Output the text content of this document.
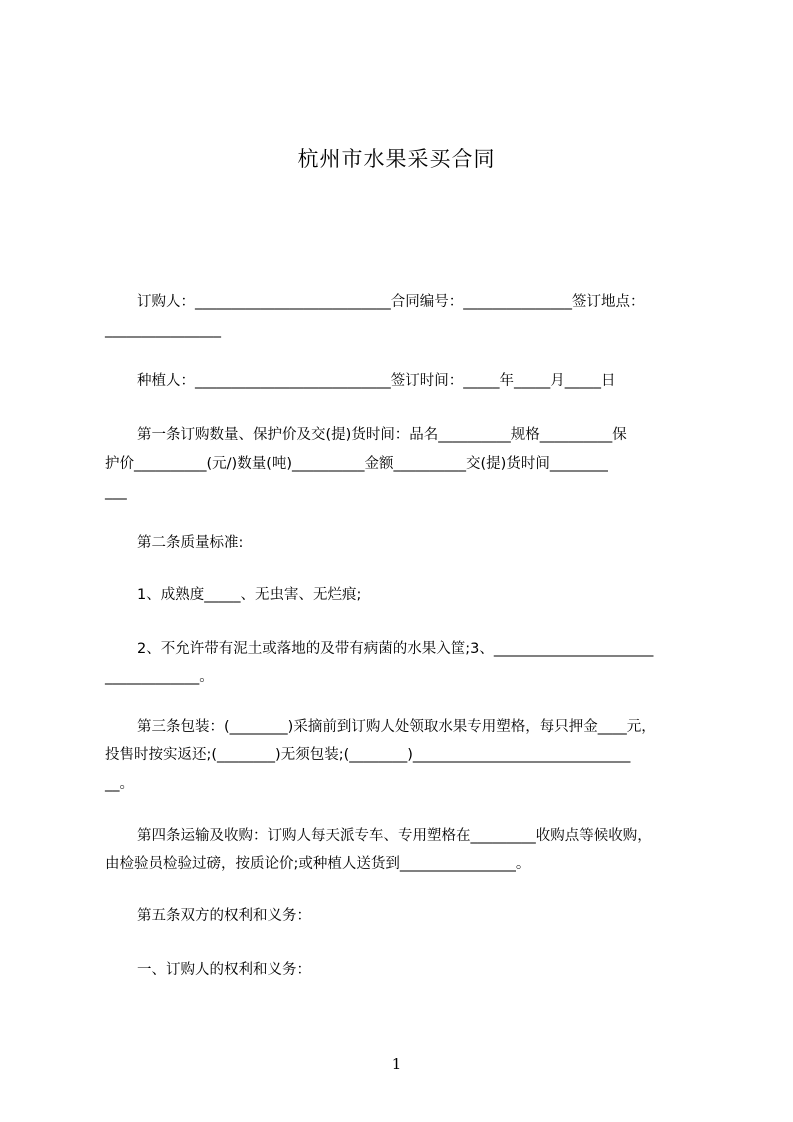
杭州市水果采买合同
订购人：___________________________合同编号：_______________签订地点：
________________
种植人：___________________________签订时间：_____年_____月_____日
第一条订购数量、保护价及交(提)货时间：品名__________规格__________保
护价__________(元/)数量(吨)__________金额__________交(提)货时间________
___
第二条质量标准:
1、成熟度_____、无虫害、无烂痕;
2、不允许带有泥土或落地的及带有病菌的水果入筐;3、______________________
_____________。
第三条包装：(________)采摘前到订购人处领取水果专用塑格，每只押金____元，
投售时按实返还;(________)无须包装;(________)______________________________
__。
第四条运输及收购：订购人每天派专车、专用塑格在_________收购点等候收购，
由检验员检验过磅，按质论价;或种植人送货到________________。
第五条双方的权利和义务：
一、订购人的权利和义务：
1
